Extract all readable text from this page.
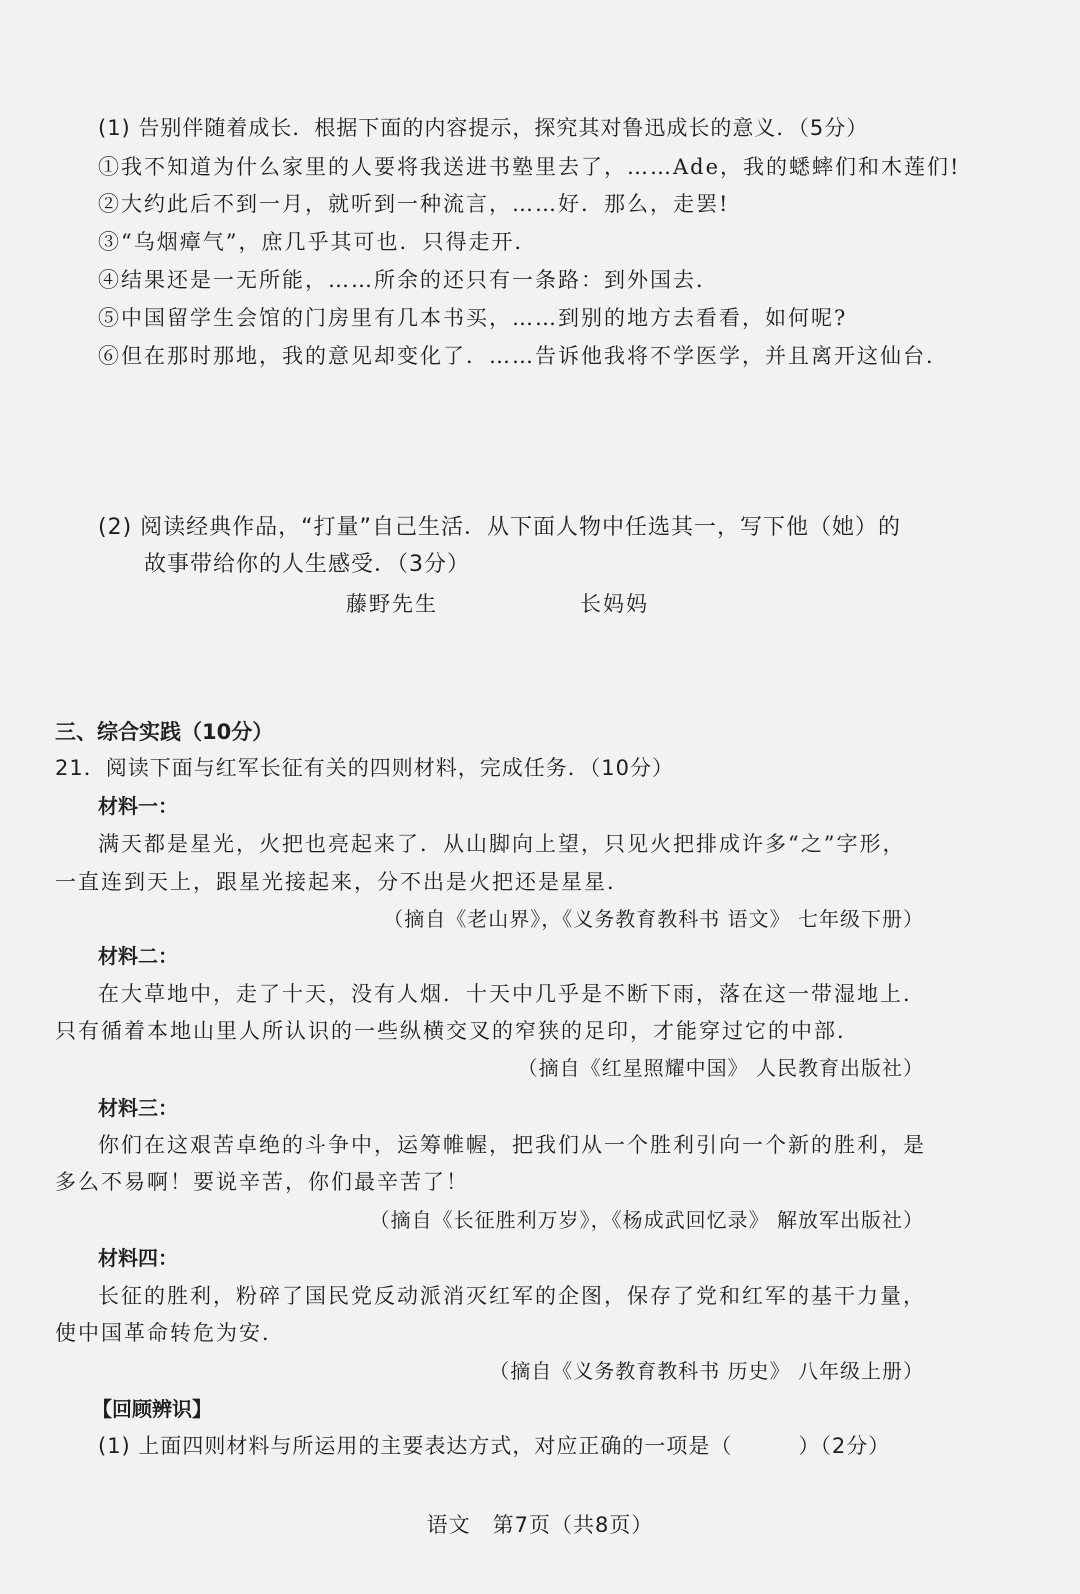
(1) 告别伴随着成长．根据下面的内容提示，探究其对鲁迅成长的意义．（5分）
①我不知道为什么家里的人要将我送进书塾里去了，……Ade，我的蟋蟀们和木莲们!
②大约此后不到一月，就听到一种流言，……好．那么，走罢!
③“乌烟瘴气”，庶几乎其可也．只得走开．
④结果还是一无所能，……所余的还只有一条路：到外国去．
⑤中国留学生会馆的门房里有几本书买，……到别的地方去看看，如何呢?
⑥但在那时那地，我的意见却变化了．……告诉他我将不学医学，并且离开这仙台．
(2) 阅读经典作品，“打量”自己生活．从下面人物中任选其一，写下他（她）的
故事带给你的人生感受．（3分）
藤野先生	长妈妈
三、综合实践（10分）
21．阅读下面与红军长征有关的四则材料，完成任务．（10分）
材料一：
满天都是星光，火把也亮起来了．从山脚向上望，只见火把排成许多“之”字形，
一直连到天上，跟星光接起来，分不出是火把还是星星．
（摘自《老山界》，《义务教育教科书 语文》 七年级下册）
材料二：
在大草地中，走了十天，没有人烟．十天中几乎是不断下雨，落在这一带湿地上．
只有循着本地山里人所认识的一些纵横交叉的窄狭的足印，才能穿过它的中部．
（摘自《红星照耀中国》 人民教育出版社）
材料三：
你们在这艰苦卓绝的斗争中，运筹帷幄，把我们从一个胜利引向一个新的胜利，是
多么不易啊！要说辛苦，你们最辛苦了！
（摘自《长征胜利万岁》，《杨成武回忆录》 解放军出版社）
材料四：
长征的胜利，粉碎了国民党反动派消灭红军的企图，保存了党和红军的基干力量，
使中国革命转危为安．
（摘自《义务教育教科书 历史》 八年级上册）
【回顾辨识】
(1) 上面四则材料与所运用的主要表达方式，对应正确的一项是（　　　）（2分）
语文　第7页（共8页）
